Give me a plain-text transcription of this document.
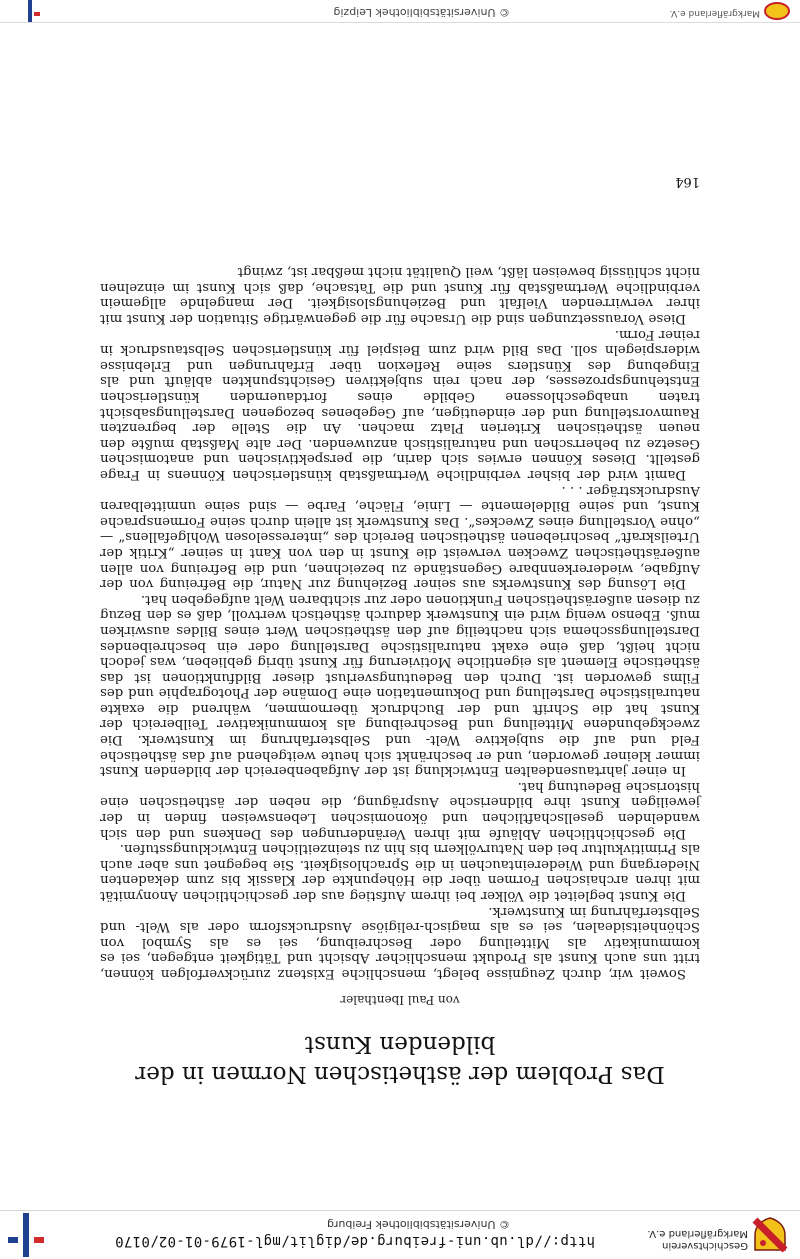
Geschichtsverein
Markgräflerland e.V.
http://dl.ub.uni-freiburg.de/diglit/mgl-1979-01-02/0170
© Universitätsbibliothek Freiburg
Das Problem der ästhetischen Normen in der
bildenden Kunst
von Paul Ibenthaler

Soweit wir, durch Zeugnisse belegt, menschliche Existenz zurückverfolgen können, tritt uns auch Kunst als Produkt menschlicher Absicht und Tätigkeit entgegen, sei es kommunikativ als Mitteilung oder Beschreibung, sei es als Symbol von Schönheitsidealen, sei es als magisch-religiöse Ausdrucksform oder als Welt- und Selbsterfahrung im Kunstwerk.

Die Kunst begleitet die Völker bei ihrem Aufstieg aus der geschichtlichen Anonymität mit ihren archaischen Formen über die Höhepunkte der Klassik bis zum dekadenten Niedergang und Wiedereintauchen in die Sprachlosigkeit. Sie begegnet uns aber auch als Primitivkultur bei den Naturvölkern bis hin zu steinzeitlichen Entwicklungsstufen.

Die geschichtlichen Abläufe mit ihren Veränderungen des Denkens und den sich wandelnden gesellschaftlichen und ökonomischen Lebensweisen finden in der jeweiligen Kunst ihre bildnerische Ausprägung, die neben der ästhetischen eine historische Bedeutung hat.

In einer jahrtausendealten Entwicklung ist der Aufgabenbereich der bildenden Kunst immer kleiner geworden, und er beschränkt sich heute weitgehend auf das ästhetische Feld und auf die subjektive Welt- und Selbsterfahrung im Kunstwerk. Die zweckgebundene Mitteilung und Beschreibung als kommunikativer Teilbereich der Kunst hat die Schrift und der Buchdruck übernommen, während die exakte naturalistische Darstellung und Dokumentation eine Domäne der Photographie und des Films geworden ist. Durch den Bedeutungsverlust dieser Bildfunktionen ist das ästhetische Element als eigentliche Motivierung für Kunst übrig geblieben, was jedoch nicht heißt, daß eine exakt naturalistische Darstellung oder ein beschreibendes Darstellungsschema sich nachteilig auf den ästhetischen Wert eines Bildes auswirken muß. Ebenso wenig wird ein Kunstwerk dadurch ästhetisch wertvoll, daß es den Bezug zu diesen außerästhetischen Funktionen oder zur sichtbaren Welt aufgegeben hat.

Die Lösung des Kunstwerks aus seiner Beziehung zur Natur, die Befreiung von der Aufgabe, wiedererkennbare Gegenstände zu bezeichnen, und die Befreiung von allen außerästhetischen Zwecken verweist die Kunst in den von Kant in seiner „Kritik der Urteilskraft“ beschriebenen ästhetischen Bereich des „interesselosen Wohlgefallens“ — „ohne Vorstellung eines Zweckes“. Das Kunstwerk ist allein durch seine Formensprache Kunst, und seine Bildelemente — Linie, Fläche, Farbe — sind seine unmittelbaren Ausdrucksträger . . .

Damit wird der bisher verbindliche Wertmaßstab künstlerischen Könnens in Frage gestellt. Dieses Können erwies sich darin, die perspektivischen und anatomischen Gesetze zu beherrschen und naturalistisch anzuwenden. Der alte Maßstab mußte den neuen ästhetischen Kriterien Platz machen. An die Stelle der begrenzten Raumvorstellung und der eindeutigen, auf Gegebenes bezogenen Darstellungsabsicht traten unabgeschlossene Gebilde eines fortdauernden künstlerischen Entstehungsprozesses, der nach rein subjektiven Gesichtspunkten abläuft und als Eingebung des Künstlers seine Reflexion über Erfahrungen und Erlebnisse widerspiegeln soll. Das Bild wird zum Beispiel für künstlerischen Selbstausdruck in reiner Form.

Diese Voraussetzungen sind die Ursache für die gegenwärtige Situation der Kunst mit ihrer verwirrenden Vielfalt und Beziehungslosigkeit. Der mangelnde allgemein verbindliche Wertmaßstab für Kunst und die Tatsache, daß sich Kunst im einzelnen nicht schlüssig beweisen läßt, weil Qualität nicht meßbar ist, zwingt

164
Markgräflerland e.V.
© Universitätsbibliothek Leipzig
